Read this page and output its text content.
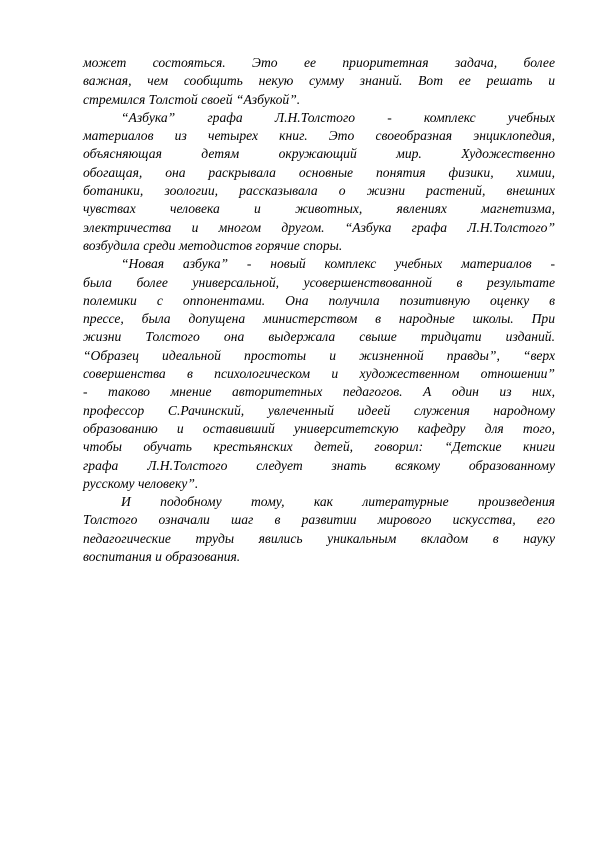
может состояться. Это ее приоритетная задача, более
важная, чем сообщить некую сумму знаний. Вот ее решать и
стремился Толстой своей “Азбукой”.

“Азбука” графа Л.Н.Толстого - комплекс учебных
материалов из четырех книг. Это своеобразная энциклопедия,
объясняющая детям окружающий мир. Художественно
обогащая, она раскрывала основные понятия физики, химии,
ботаники, зоологии, рассказывала о жизни растений, внешних
чувствах человека и животных, явлениях магнетизма,
электричества и многом другом. “Азбука графа Л.Н.Толстого”
возбудила среди методистов горячие споры.

“Новая азбука” - новый комплекс учебных материалов -
была более универсальной, усовершенствованной в результате
полемики с оппонентами. Она получила позитивную оценку в
прессе, была допущена министерством в народные школы. При
жизни Толстого она выдержала свыше тридцати изданий.
“Образец идеальной простоты и жизненной правды”, “верх
совершенства в психологическом и художественном отношении”
- таково мнение авторитетных педагогов. А один из них,
профессор С.Рачинский, увлеченный идеей служения народному
образованию и оставивший университетскую кафедру для того,
чтобы обучать крестьянских детей, говорил: “Детские книги
графа Л.Н.Толстого следует знать всякому образованному
русскому человеку”.

И подобному тому, как литературные произведения
Толстого означали шаг в развитии мирового искусства, его
педагогические труды явились уникальным вкладом в науку
воспитания и образования.
